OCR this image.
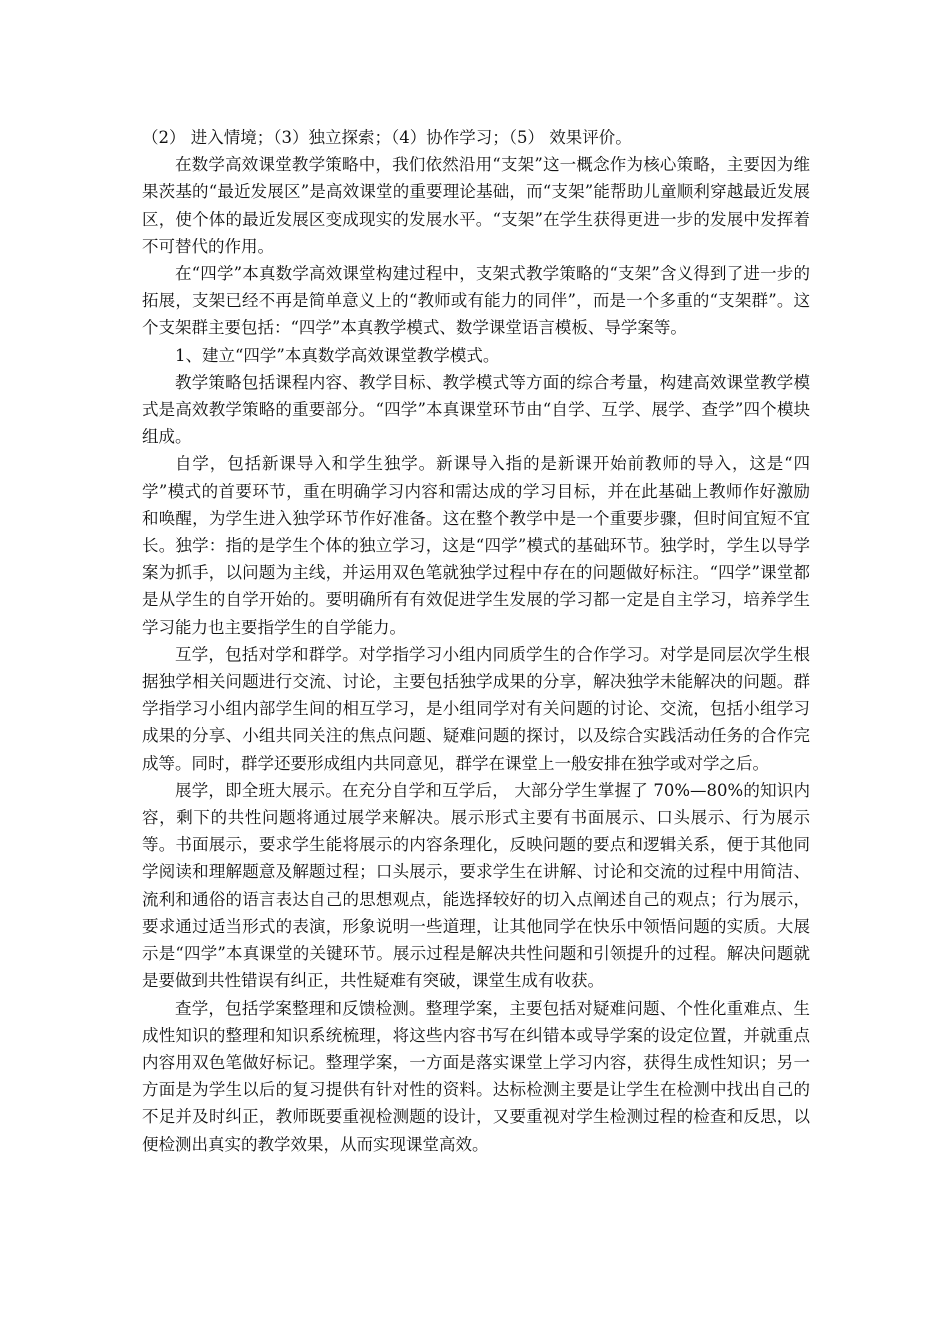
（2） 进入情境；（3）独立探索；（4）协作学习；（5） 效果评价。

在数学高效课堂教学策略中，我们依然沿用“支架”这一概念作为核心策略，主要因为维果茨基的“最近发展区”是高效课堂的重要理论基础，而“支架”能帮助儿童顺利穿越最近发展区，使个体的最近发展区变成现实的发展水平。“支架”在学生获得更进一步的发展中发挥着不可替代的作用。

在“四学”本真数学高效课堂构建过程中，支架式教学策略的“支架”含义得到了进一步的拓展，支架已经不再是简单意义上的“教师或有能力的同伴”，而是一个多重的“支架群”。这个支架群主要包括：“四学”本真教学模式、数学课堂语言模板、导学案等。

1、建立“四学”本真数学高效课堂教学模式。

教学策略包括课程内容、教学目标、教学模式等方面的综合考量，构建高效课堂教学模式是高效教学策略的重要部分。“四学”本真课堂环节由“自学、互学、展学、查学”四个模块组成。

自学，包括新课导入和学生独学。新课导入指的是新课开始前教师的导入，这是“四学”模式的首要环节，重在明确学习内容和需达成的学习目标，并在此基础上教师作好激励和唤醒，为学生进入独学环节作好准备。这在整个教学中是一个重要步骤，但时间宜短不宜长。独学：指的是学生个体的独立学习，这是“四学”模式的基础环节。独学时，学生以导学案为抓手，以问题为主线，并运用双色笔就独学过程中存在的问题做好标注。“四学”课堂都是从学生的自学开始的。要明确所有有效促进学生发展的学习都一定是自主学习，培养学生学习能力也主要指学生的自学能力。

互学，包括对学和群学。对学指学习小组内同质学生的合作学习。对学是同层次学生根据独学相关问题进行交流、讨论，主要包括独学成果的分享，解决独学未能解决的问题。群学指学习小组内部学生间的相互学习，是小组同学对有关问题的讨论、交流，包括小组学习成果的分享、小组共同关注的焦点问题、疑难问题的探讨，以及综合实践活动任务的合作完成等。同时，群学还要形成组内共同意见，群学在课堂上一般安排在独学或对学之后。

展学，即全班大展示。在充分自学和互学后， 大部分学生掌握了 70%—80%的知识内容，剩下的共性问题将通过展学来解决。展示形式主要有书面展示、口头展示、行为展示等。书面展示，要求学生能将展示的内容条理化，反映问题的要点和逻辑关系，便于其他同学阅读和理解题意及解题过程；口头展示，要求学生在讲解、讨论和交流的过程中用简洁、流利和通俗的语言表达自己的思想观点，能选择较好的切入点阐述自己的观点；行为展示，要求通过适当形式的表演，形象说明一些道理，让其他同学在快乐中领悟问题的实质。大展示是“四学”本真课堂的关键环节。展示过程是解决共性问题和引领提升的过程。解决问题就是要做到共性错误有纠正，共性疑难有突破，课堂生成有收获。

查学，包括学案整理和反馈检测。整理学案，主要包括对疑难问题、个性化重难点、生成性知识的整理和知识系统梳理，将这些内容书写在纠错本或导学案的设定位置，并就重点内容用双色笔做好标记。整理学案，一方面是落实课堂上学习内容，获得生成性知识；另一方面是为学生以后的复习提供有针对性的资料。达标检测主要是让学生在检测中找出自己的不足并及时纠正，教师既要重视检测题的设计，又要重视对学生检测过程的检查和反思，以便检测出真实的教学效果，从而实现课堂高效。
